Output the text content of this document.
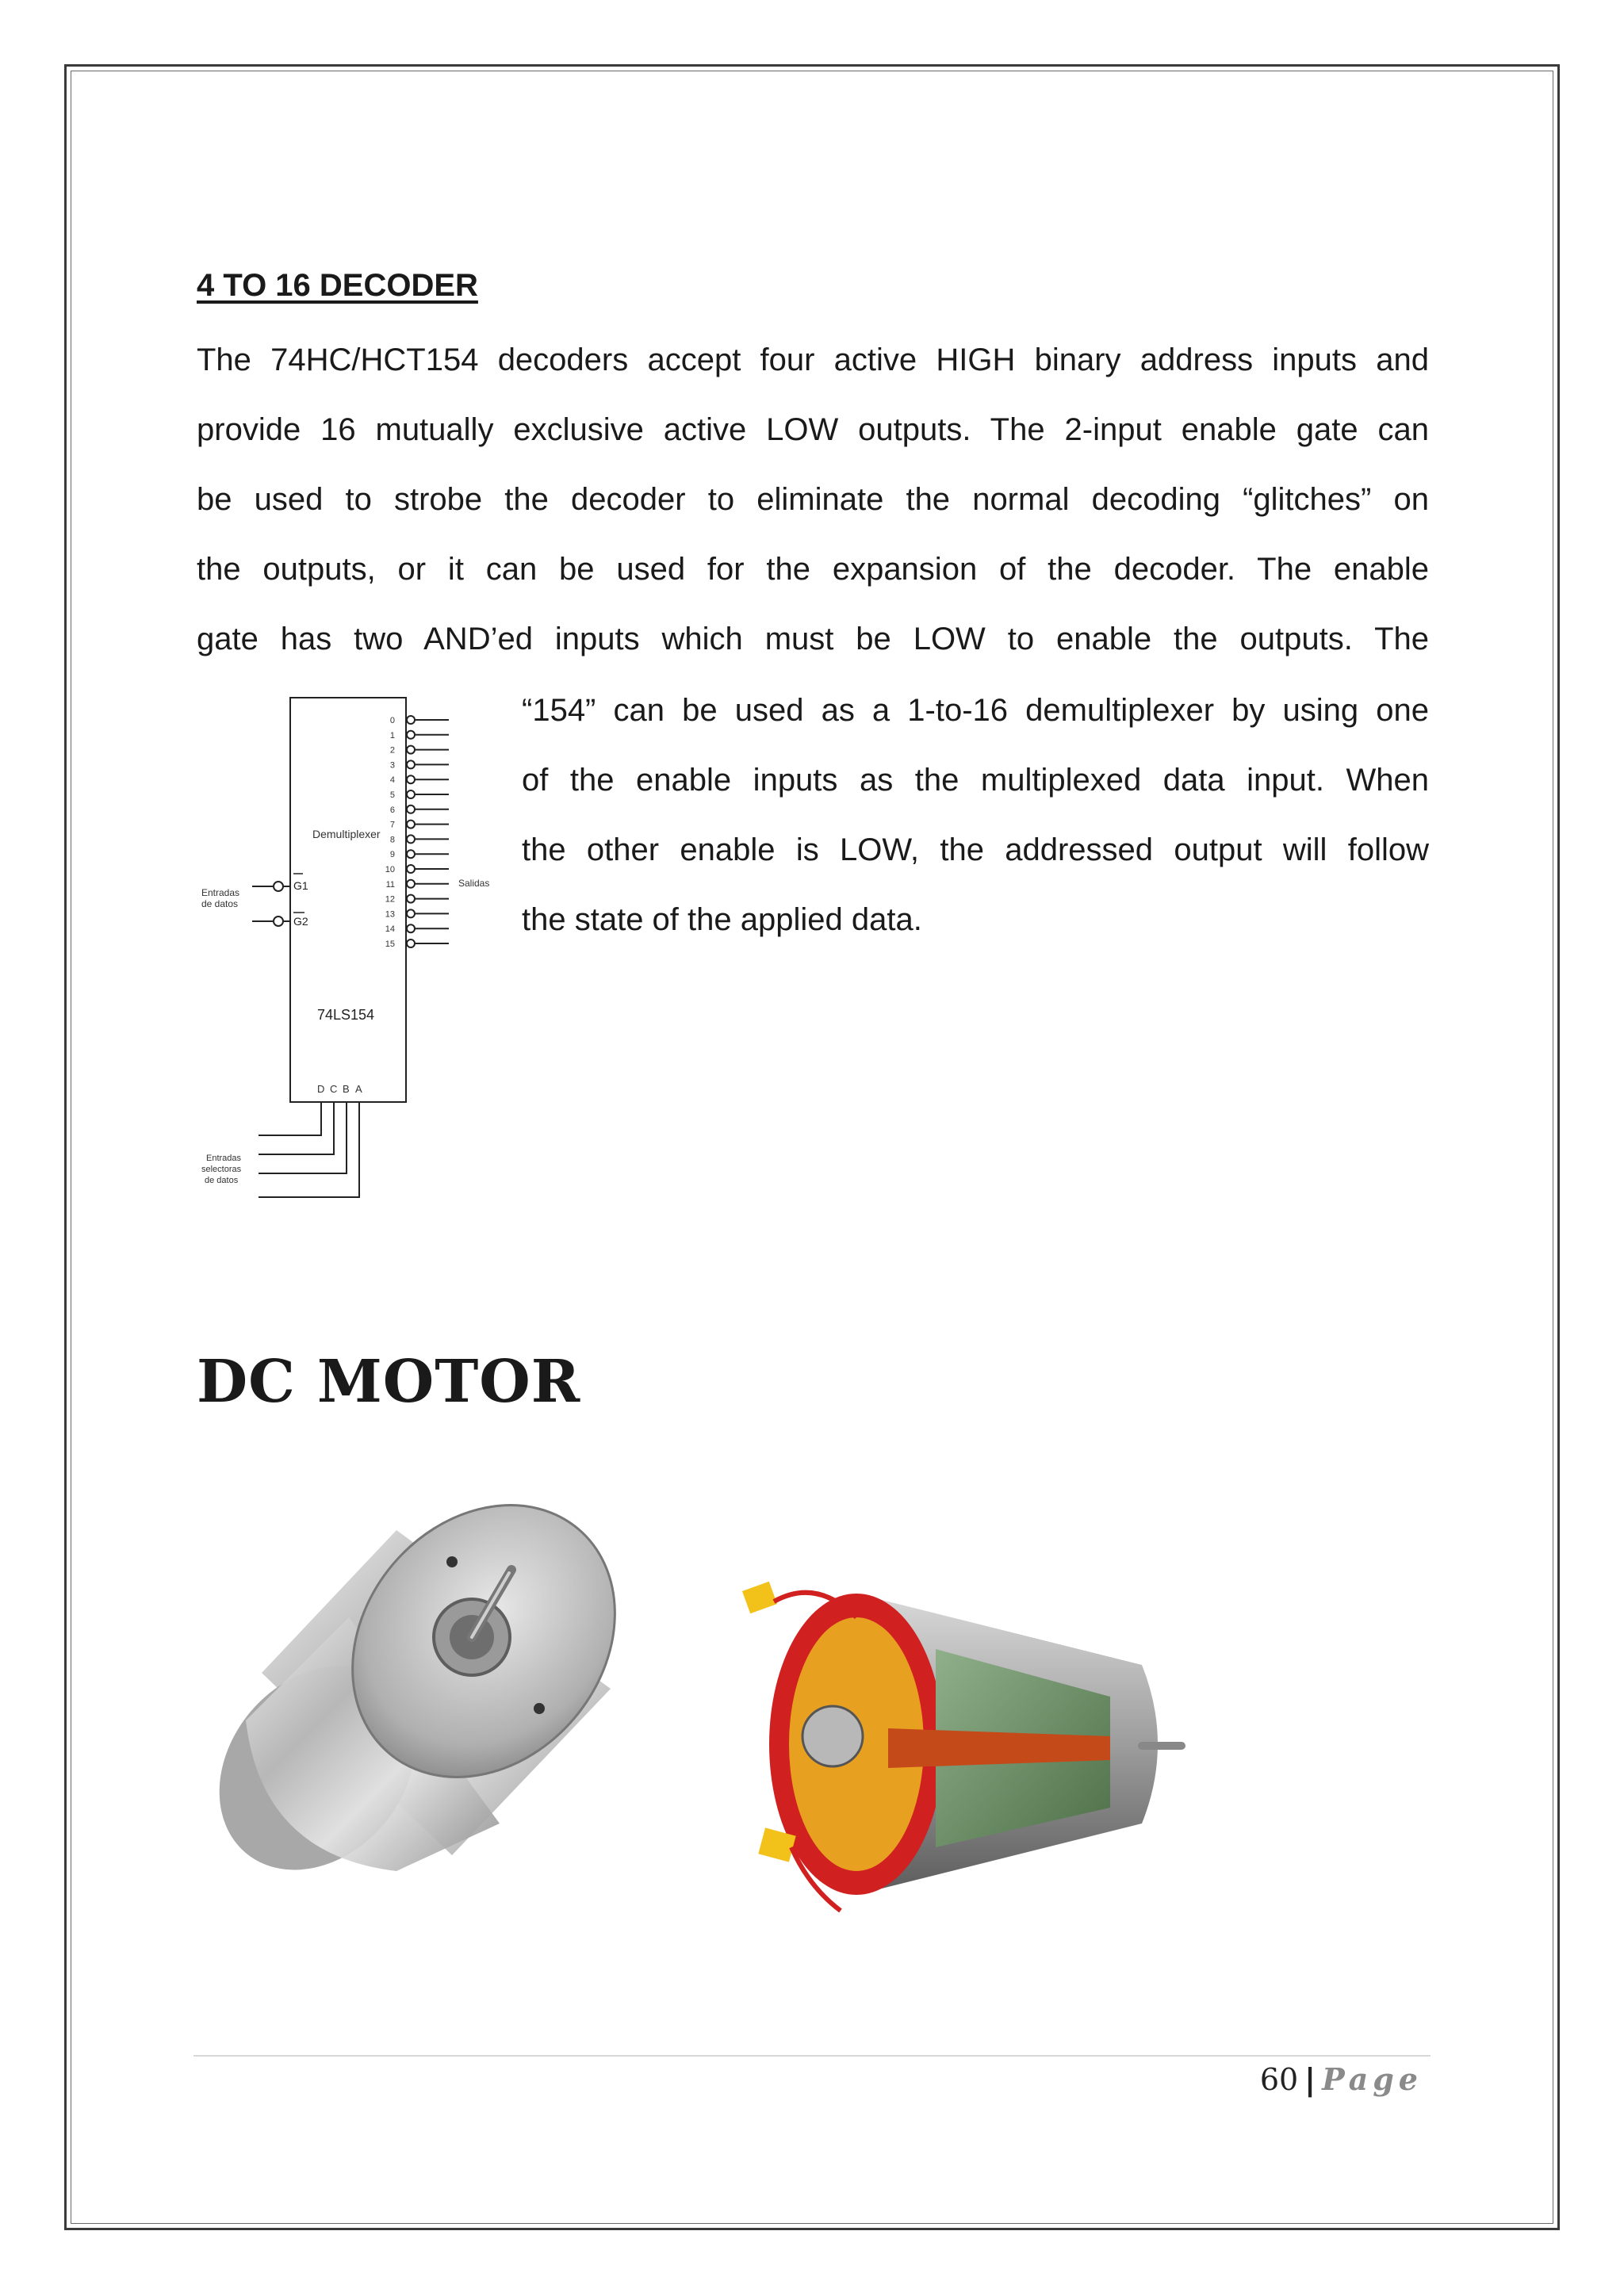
4 TO 16 DECODER

The 74HC/HCT154 decoders accept four active HIGH binary address inputs and
provide 16 mutually exclusive active LOW outputs. The 2-input enable gate can
be used to strobe the decoder to eliminate the normal decoding “glitches” on
the outputs, or it can be used for the expansion of the decoder. The enable
gate has two AND’ed inputs which must be LOW to enable the outputs. The

“154” can be used as a 1-to-16 demultiplexer by using one
of the enable inputs as the multiplexed data input. When
the other enable is LOW, the addressed output will follow
the state of the applied data.

Demultiplexer
74LS154
G1
G2
Entradas
de datos
0
1
2
3
4
5
6
7
8
9
10
11
12
13
14
15
Salidas
D C B A
Entradas
selectoras
de datos
DC MOTOR
60 | Page
